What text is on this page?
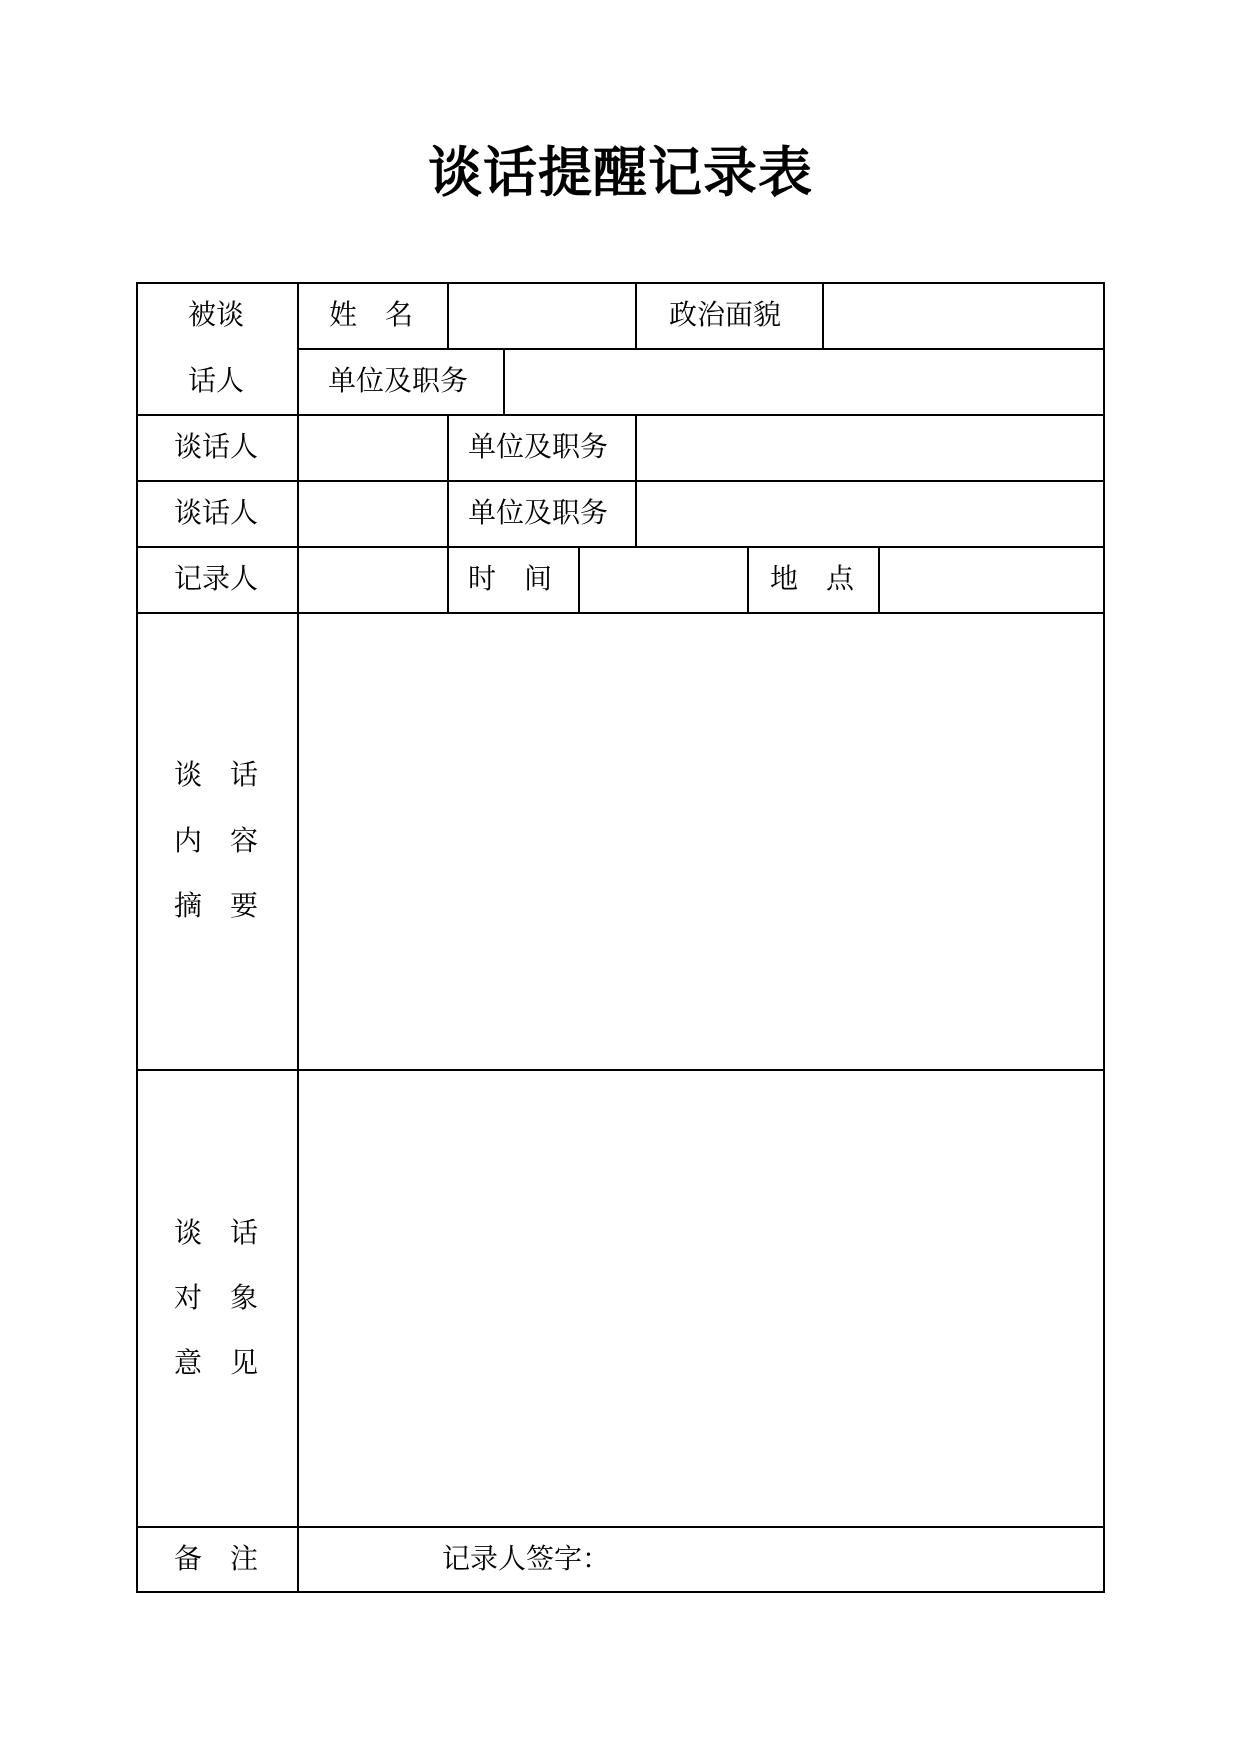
谈话提醒记录表
被谈
话人
姓　名	政治面貌
单位及职务
谈话人	单位及职务
谈话人	单位及职务
记录人	时　间	地　点
谈　话
内　容
摘　要
谈　话
对　象
意　见
备　注	记录人签字：
